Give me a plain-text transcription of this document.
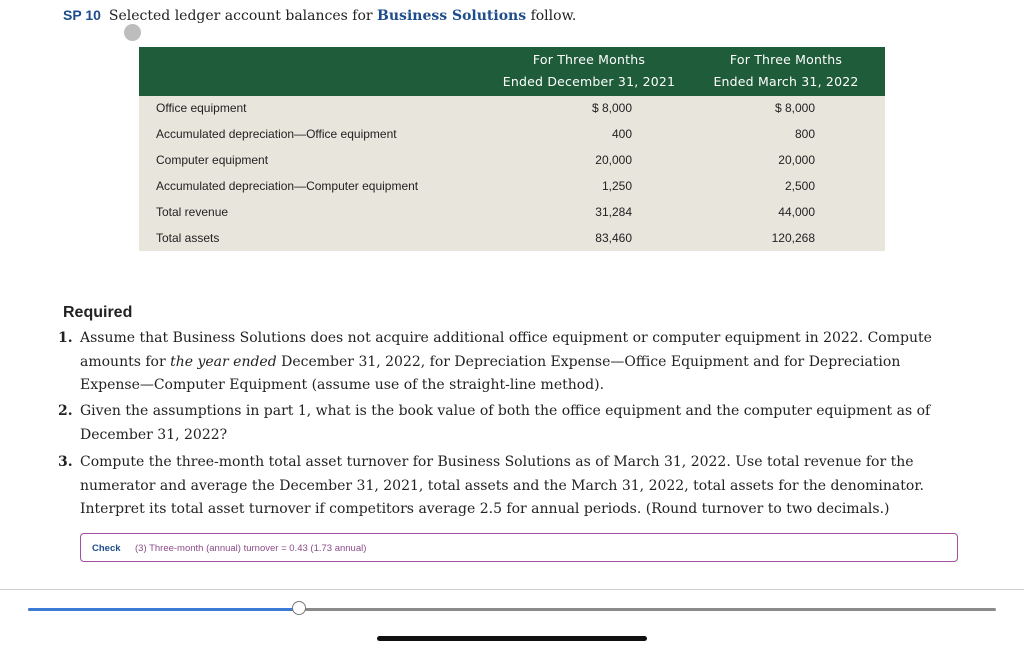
SP 10 Selected ledger account balances for Business Solutions follow.
For Three Months
Ended December 31, 2021
For Three Months
Ended March 31, 2022
Office equipment	$ 8,000	$ 8,000
Accumulated depreciation—Office equipment	400	800
Computer equipment	20,000	20,000
Accumulated depreciation—Computer equipment	1,250	2,500
Total revenue	31,284	44,000
Total assets	83,460	120,268
Required
1. Assume that Business Solutions does not acquire additional office equipment or computer equipment in 2022. Compute amounts for the year ended December 31, 2022, for Depreciation Expense—Office Equipment and for Depreciation Expense—Computer Equipment (assume use of the straight-line method).
2. Given the assumptions in part 1, what is the book value of both the office equipment and the computer equipment as of December 31, 2022?
3. Compute the three-month total asset turnover for Business Solutions as of March 31, 2022. Use total revenue for the numerator and average the December 31, 2021, total assets and the March 31, 2022, total assets for the denominator. Interpret its total asset turnover if competitors average 2.5 for annual periods. (Round turnover to two decimals.)
Check (3) Three-month (annual) turnover = 0.43 (1.73 annual)
